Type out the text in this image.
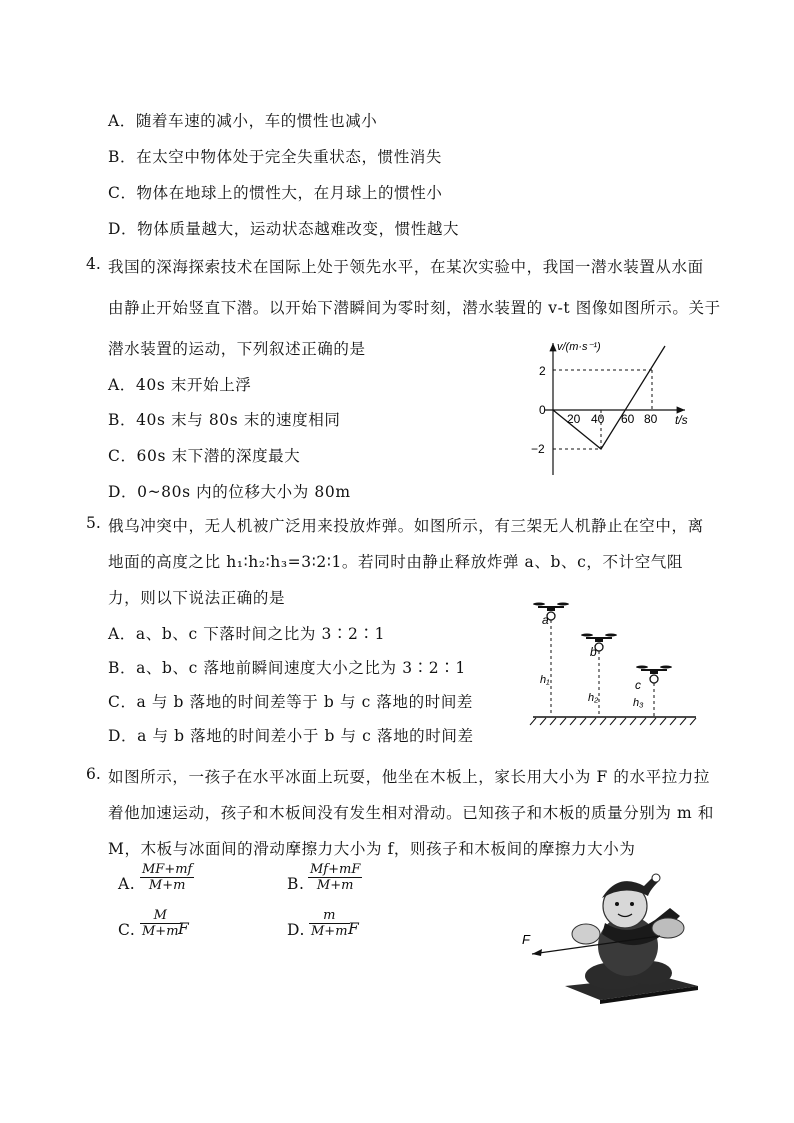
A．随着车速的减小，车的惯性也减小
B．在太空中物体处于完全失重状态，惯性消失
C．物体在地球上的惯性大，在月球上的惯性小
D．物体质量越大，运动状态越难改变，惯性越大
4. 我国的深海探索技术在国际上处于领先水平，在某次实验中，我国一潜水装置从水面
由静止开始竖直下潜。以开始下潜瞬间为零时刻，潜水装置的 v-t 图像如图所示。关于
潜水装置的运动，下列叙述正确的是
A．40s 末开始上浮
B．40s 末与 80s 末的速度相同
C．60s 末下潜的深度最大
D．0~80s 内的位移大小为 80m
v/(m·s⁻¹)
0
2
−2
20 40 60 80 t/s
5. 俄乌冲突中，无人机被广泛用来投放炸弹。如图所示，有三架无人机静止在空中，离
地面的高度之比 h₁∶h₂∶h₃=3∶2∶1。若同时由静止释放炸弹 a、b、c，不计空气阻
力，则以下说法正确的是
A．a、b、c 下落时间之比为 3∶2∶1
B．a、b、c 落地前瞬间速度大小之比为 3∶2∶1
C．a 与 b 落地的时间差等于 b 与 c 落地的时间差
D．a 与 b 落地的时间差小于 b 与 c 落地的时间差
a
h₁
b
h₂
c
h₃
6. 如图所示，一孩子在水平冰面上玩耍，他坐在木板上，家长用大小为 F 的水平拉力拉
着他加速运动，孩子和木板间没有发生相对滑动。已知孩子和木板的质量分别为 m 和
M，木板与冰面间的滑动摩擦力大小为 f，则孩子和木板间的摩擦力大小为
A. $\frac{MF+mf}{M+m}$	B. $\frac{Mf+mF}{M+m}$
C. $\frac{M}{M+m}$
F	D. $\frac{m}{M+m}$
F
F
